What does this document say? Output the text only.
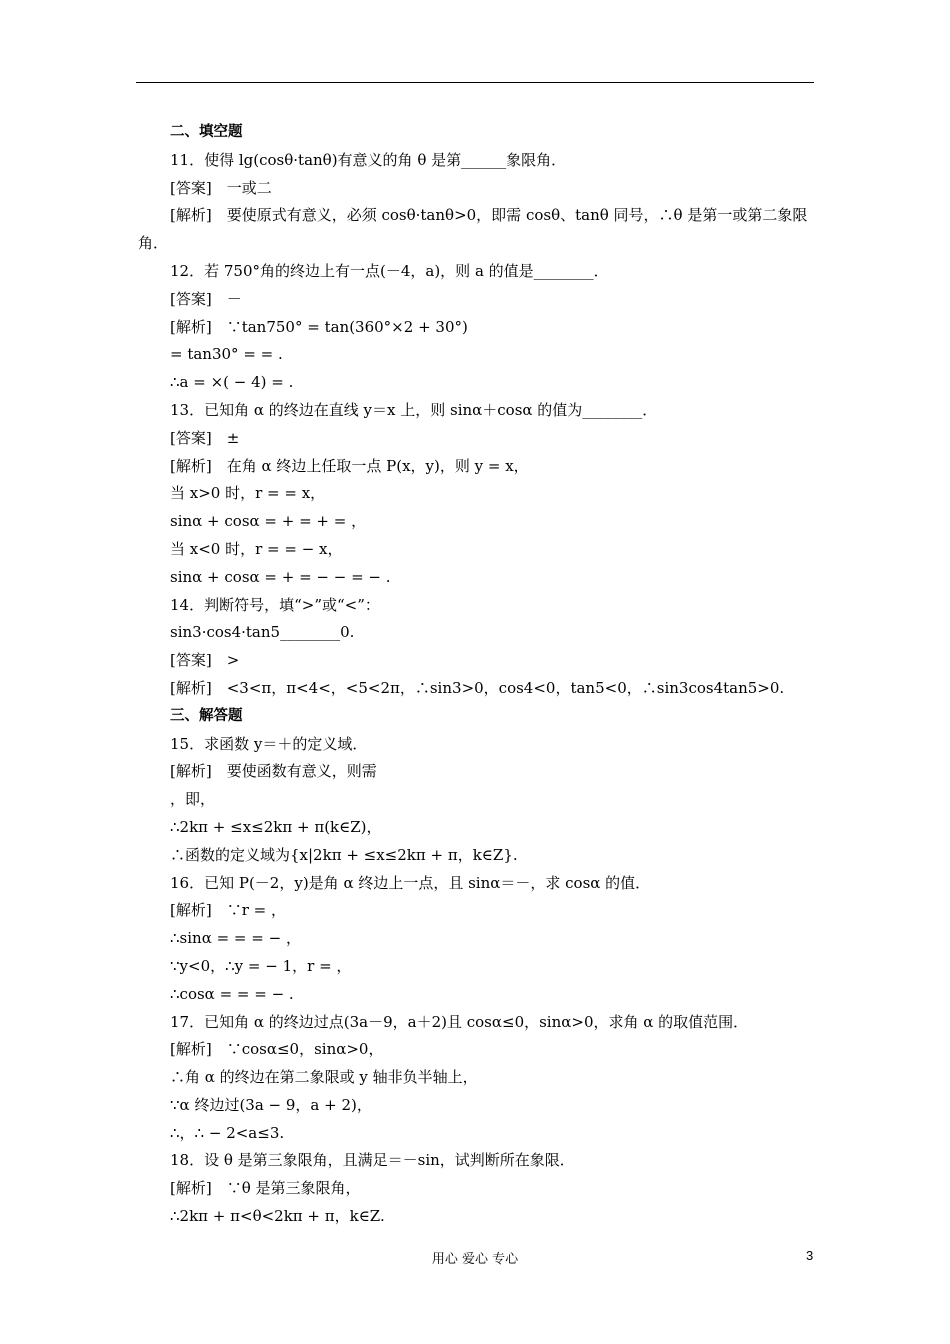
二、填空题
11．使得 lg(cosθ·tanθ)有意义的角 θ 是第______象限角．
[答案]　一或二
[解析]　要使原式有意义，必须 cosθ·tanθ>0，即需 cosθ、tanθ 同号，∴θ 是第一或第二象限
角．
12．若 750°角的终边上有一点(－4，a)，则 a 的值是________．
[答案]　－
[解析]　∵tan750° = tan(360°×2 + 30°)
= tan30° = = .
∴a = ×( − 4) = .
13．已知角 α 的终边在直线 y＝x 上，则 sinα＋cosα 的值为________．
[答案]　±
[解析]　在角 α 终边上任取一点 P(x，y)，则 y = x，
当 x>0 时，r = = x，
sinα + cosα = + = + = ，
当 x<0 时，r = = − x，
sinα + cosα = + = − − = − .
14．判断符号，填“>”或“<”：
sin3·cos4·tan5________0.
[答案]　>
[解析]　<3<π，π<4<，<5<2π，∴sin3>0，cos4<0，tan5<0，∴sin3cos4tan5>0.
三、解答题
15．求函数 y＝＋的定义域．
[解析]　要使函数有意义，则需
，即，
∴2kπ + ≤x≤2kπ + π(k∈Z)，
∴函数的定义域为{x|2kπ + ≤x≤2kπ + π，k∈Z}.
16．已知 P(－2，y)是角 α 终边上一点，且 sinα＝－，求 cosα 的值．
[解析]　∵r = ，
∴sinα = = = − ，
∵y<0，∴y = − 1，r = ，
∴cosα = = = − .
17．已知角 α 的终边过点(3a－9，a＋2)且 cosα≤0，sinα>0，求角 α 的取值范围．
[解析]　∵cosα≤0，sinα>0，
∴角 α 的终边在第二象限或 y 轴非负半轴上，
∵α 终边过(3a − 9，a + 2)，
∴，∴ − 2<a≤3.
18．设 θ 是第三象限角，且满足＝－sin，试判断所在象限．
[解析]　∵θ 是第三象限角，
∴2kπ + π<θ<2kπ + π，k∈Z.
用心 爱心 专心	3
